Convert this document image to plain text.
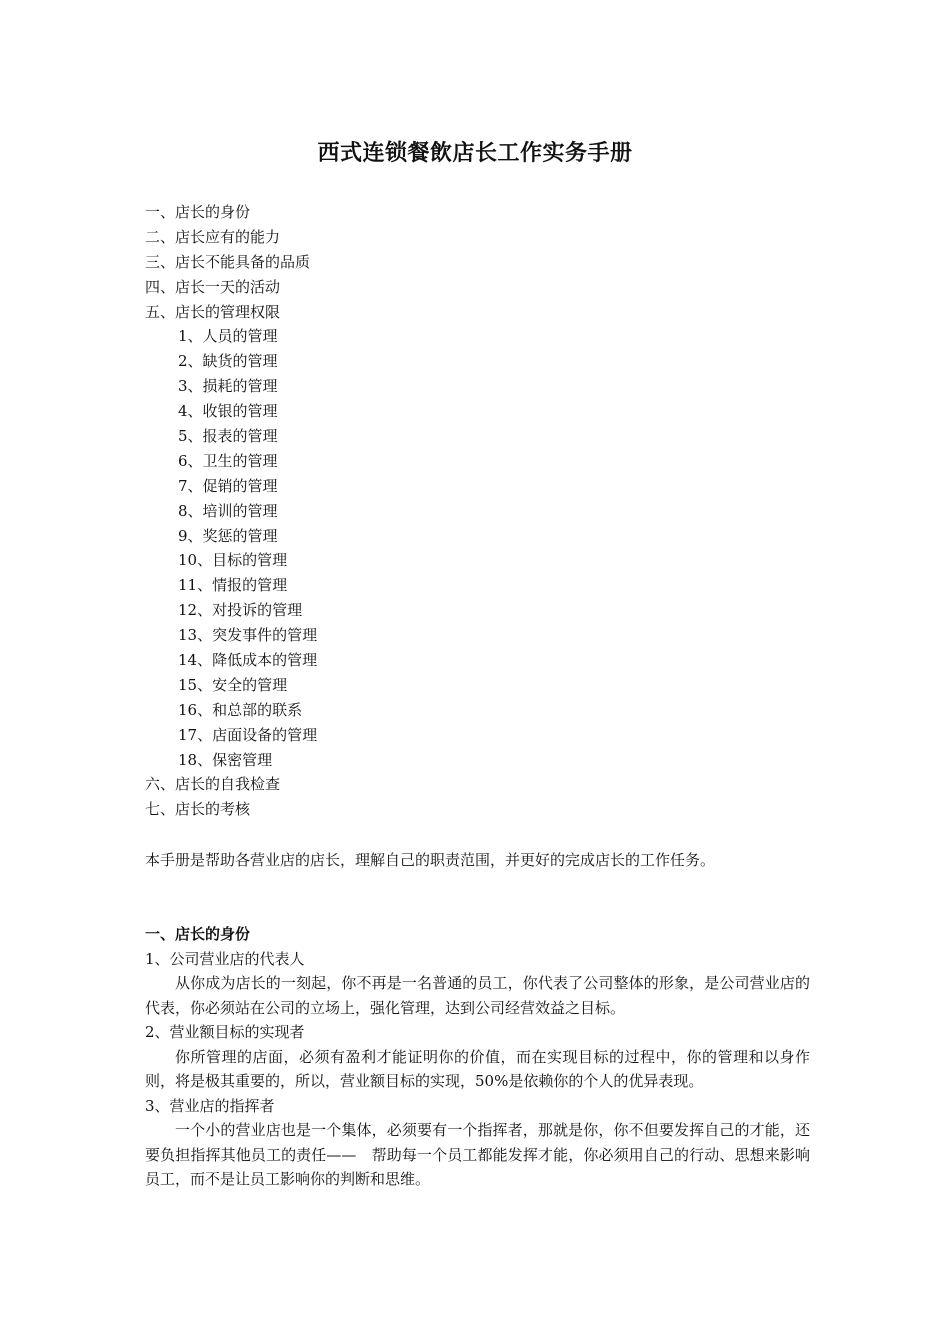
西式连锁餐飲店长工作实务手册
一、店长的身份
二、店长应有的能力
三、店长不能具备的品质
四、店长一天的活动
五、店长的管理权限
1、人员的管理
2、缺货的管理
3、损耗的管理
4、收银的管理
5、报表的管理
6、卫生的管理
7、促销的管理
8、培训的管理
9、奖惩的管理
10、目标的管理
11、情报的管理
12、对投诉的管理
13、突发事件的管理
14、降低成本的管理
15、安全的管理
16、和总部的联系
17、店面设备的管理
18、保密管理
六、店长的自我检查
七、店长的考核
本手册是帮助各营业店的店长，理解自己的职责范围，并更好的完成店长的工作任务。
一、店长的身份
1、公司营业店的代表人
从你成为店长的一刻起，你不再是一名普通的员工，你代表了公司整体的形象，是公司营业店的代表，你必须站在公司的立场上，强化管理，达到公司经营效益之目标。
2、营业额目标的实现者
你所管理的店面，必须有盈利才能证明你的价值，而在实现目标的过程中，你的管理和以身作则，将是极其重要的，所以，营业额目标的实现，50%是依赖你的个人的优异表现。
3、营业店的指挥者
一个小的营业店也是一个集体，必须要有一个指挥者，那就是你，你不但要发挥自己的才能，还要负担指挥其他员工的责任——　帮助每一个员工都能发挥才能，你必须用自己的行动、思想来影响员工，而不是让员工影响你的判断和思维。
